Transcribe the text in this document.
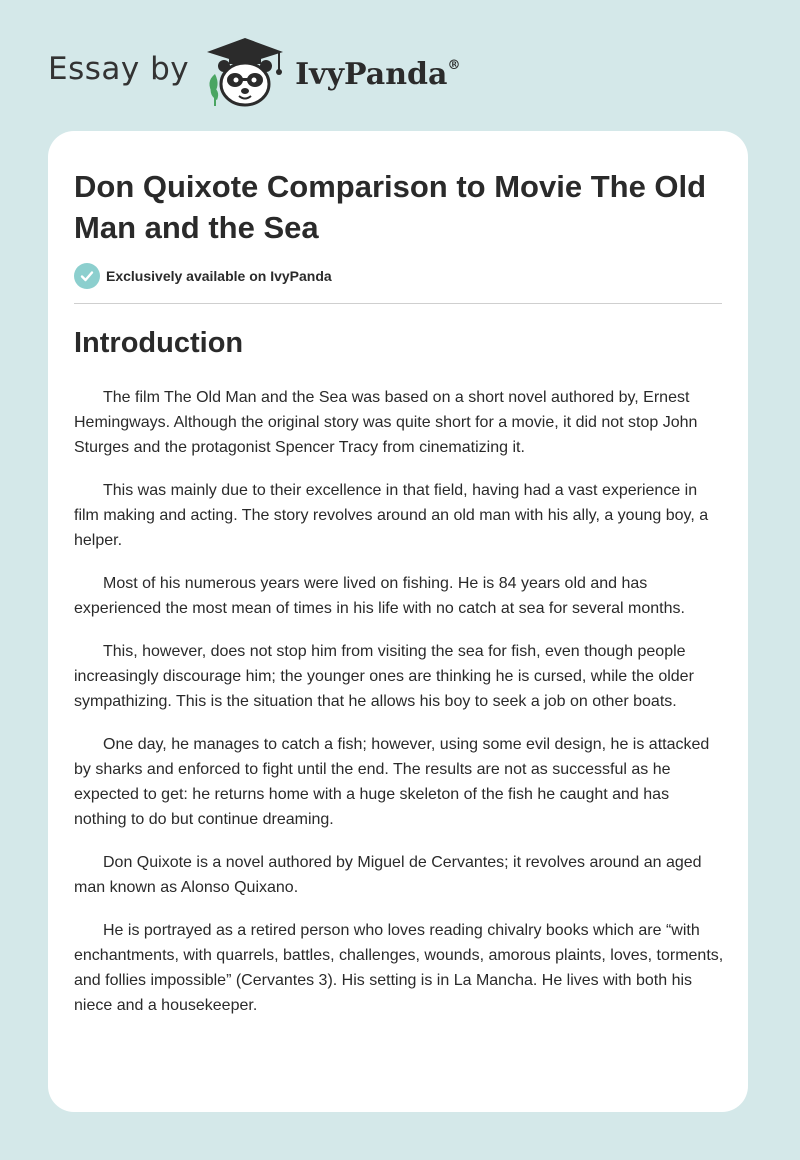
Essay by	IvyPanda®
Don Quixote Comparison to Movie The Old Man and the Sea
Exclusively available on IvyPanda
Introduction

The film The Old Man and the Sea was based on a short novel authored by, Ernest Hemingways. Although the original story was quite short for a movie, it did not stop John Sturges and the protagonist Spencer Tracy from cinematizing it.

This was mainly due to their excellence in that field, having had a vast experience in film making and acting. The story revolves around an old man with his ally, a young boy, a helper.

Most of his numerous years were lived on fishing. He is 84 years old and has experienced the most mean of times in his life with no catch at sea for several months.

This, however, does not stop him from visiting the sea for fish, even though people increasingly discourage him; the younger ones are thinking he is cursed, while the older sympathizing. This is the situation that he allows his boy to seek a job on other boats.

One day, he manages to catch a fish; however, using some evil design, he is attacked by sharks and enforced to fight until the end. The results are not as successful as he expected to get: he returns home with a huge skeleton of the fish he caught and has nothing to do but continue dreaming.

Don Quixote is a novel authored by Miguel de Cervantes; it revolves around an aged man known as Alonso Quixano.

He is portrayed as a retired person who loves reading chivalry books which are “with enchantments, with quarrels, battles, challenges, wounds, amorous plaints, loves, torments, and follies impossible” (Cervantes 3). His setting is in La Mancha. He lives with both his niece and a housekeeper.
